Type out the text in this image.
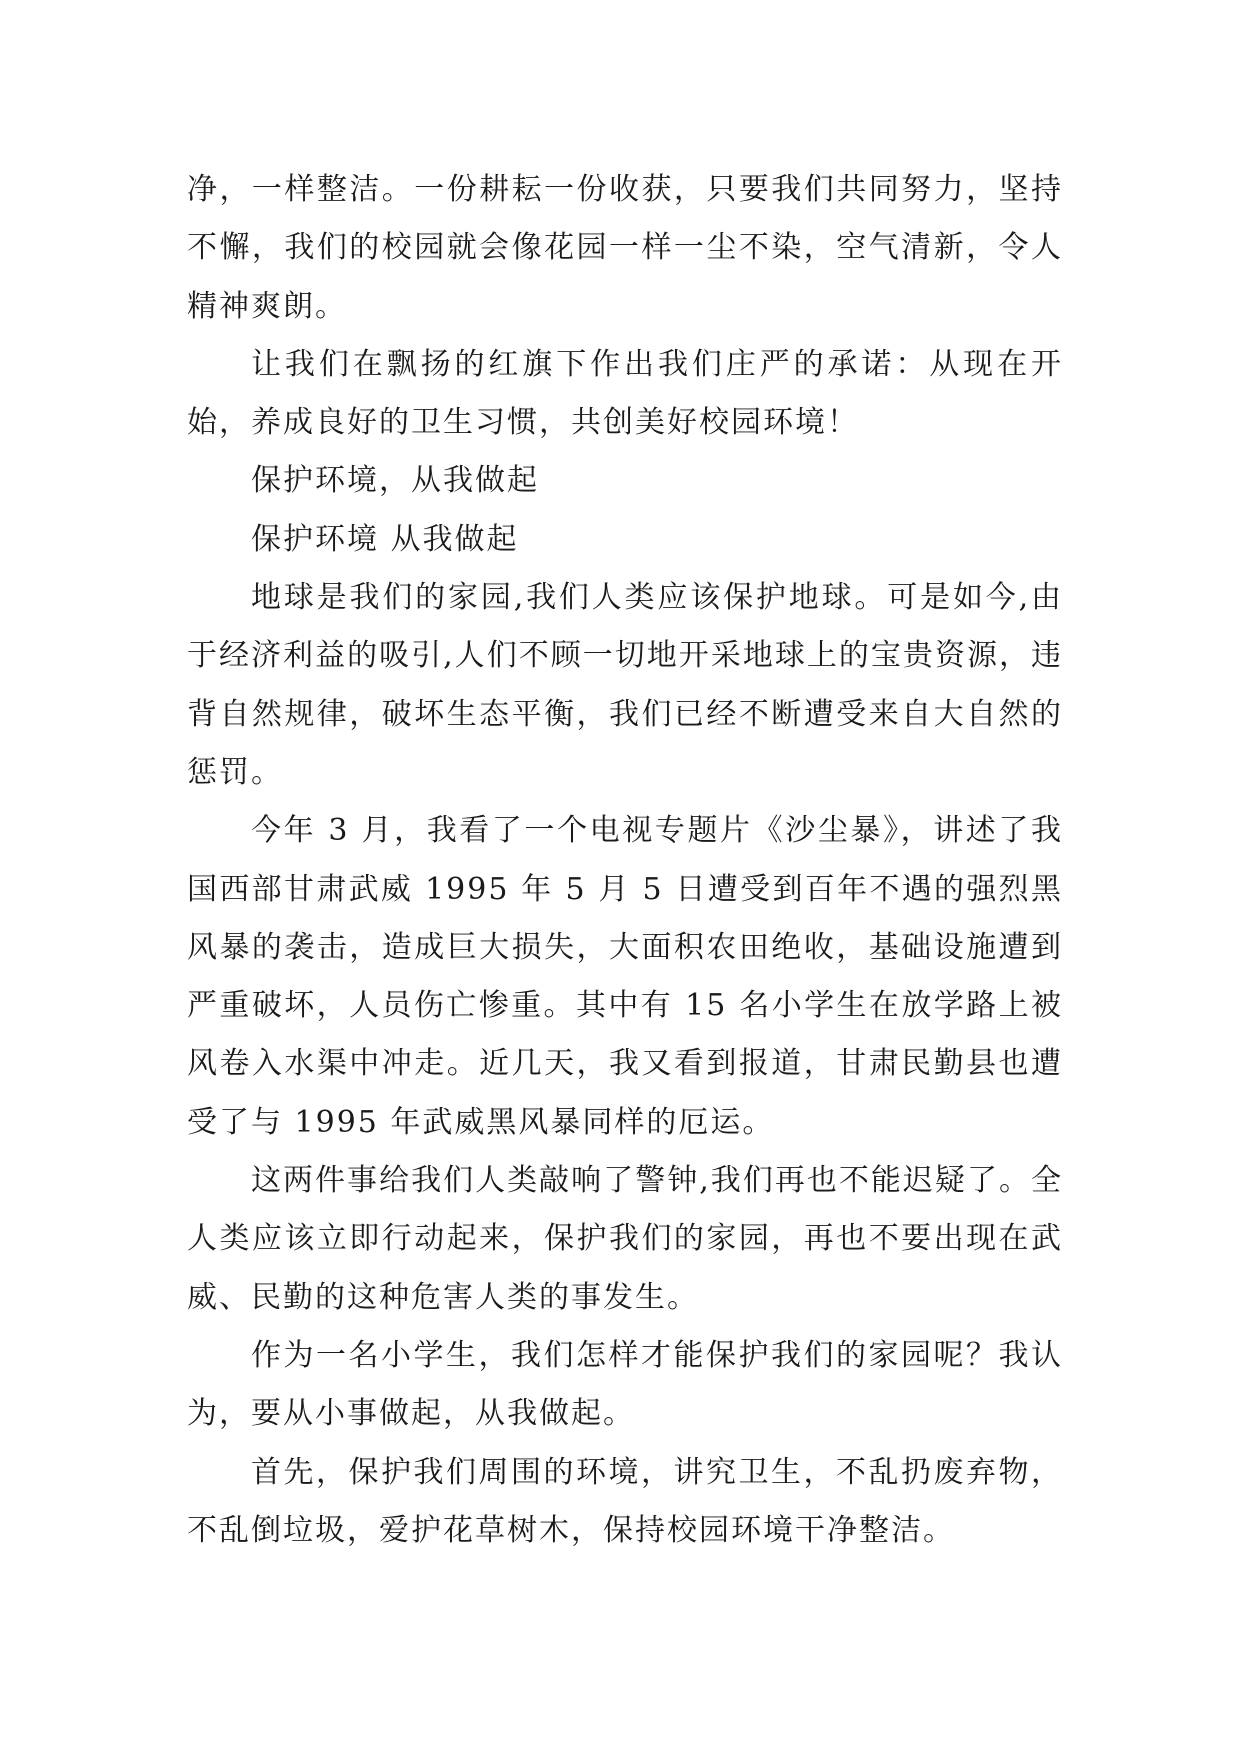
净，一样整洁。一份耕耘一份收获，只要我们共同努力，坚持不懈，我们的校园就会像花园一样一尘不染，空气清新，令人精神爽朗。

让我们在飘扬的红旗下作出我们庄严的承诺：从现在开始，养成良好的卫生习惯，共创美好校园环境！

保护环境，从我做起

保护环境 从我做起

地球是我们的家园,我们人类应该保护地球。可是如今,由于经济利益的吸引,人们不顾一切地开采地球上的宝贵资源，违背自然规律，破坏生态平衡，我们已经不断遭受来自大自然的惩罚。

今年 3 月，我看了一个电视专题片《沙尘暴》，讲述了我国西部甘肃武威 1995 年 5 月 5 日遭受到百年不遇的强烈黑风暴的袭击，造成巨大损失，大面积农田绝收，基础设施遭到严重破坏，人员伤亡惨重。其中有 15 名小学生在放学路上被风卷入水渠中冲走。近几天，我又看到报道，甘肃民勤县也遭受了与 1995 年武威黑风暴同样的厄运。

这两件事给我们人类敲响了警钟,我们再也不能迟疑了。全人类应该立即行动起来，保护我们的家园，再也不要出现在武威、民勤的这种危害人类的事发生。

作为一名小学生，我们怎样才能保护我们的家园呢？我认为，要从小事做起，从我做起。

首先，保护我们周围的环境，讲究卫生，不乱扔废弃物，不乱倒垃圾，爱护花草树木，保持校园环境干净整洁。
